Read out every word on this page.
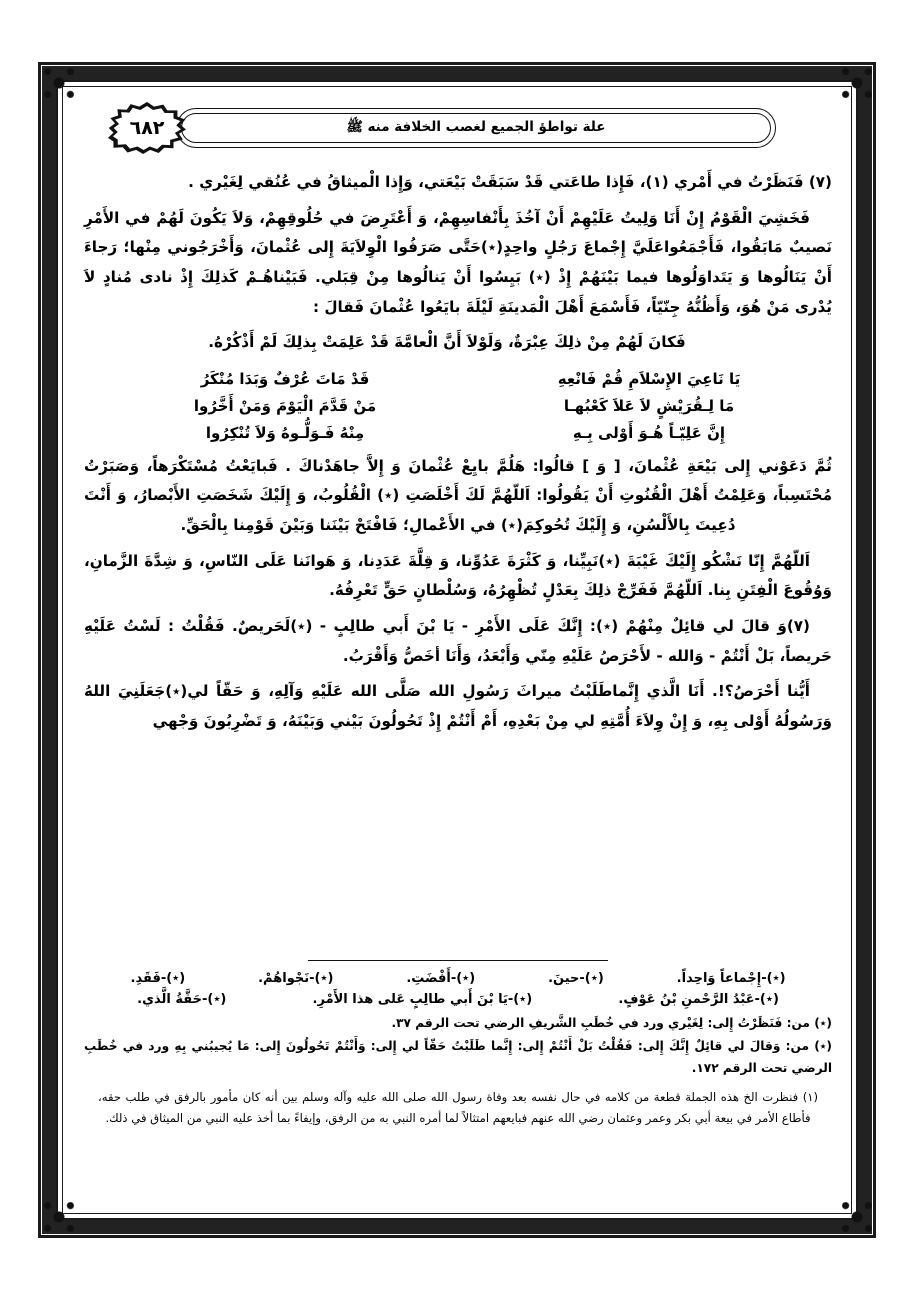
علة تواطؤ الجميع لغصب الخلافة منه ﷺ
٦٨٢

(٧) فَنَظَرْتُ في أَمْري (١)، فَإِذا طاعَتي قَدْ سَبَقَتْ بَيْعَتي، وَإِذا الْميثاقُ في عُنُقي لِغَيْري .

فَخَشِيَ الْقَوْمُ إِنْ أَنَا وَلِيتُ عَلَيْهِمْ أَنْ آخُذَ بِأَنْفاسِهِمْ، وَ أَعْتَرِضَ في حُلُوقِهِمْ، وَلاَ يَكُونَ لَهُمْ في الأَمْرِ نَصيبٌ مَابَقُوا، فَأَجْمَعُواعَلَيَّ إِجْماعَ رَجُلٍ واحِدٍ(٭)حَتَّى صَرَفُوا الْوِلاَيَةَ إِلى عُثْمانَ، وَأَخْرَجُوني مِنْها؛ رَجاءَ أَنْ يَنَالُوها وَ يَتَداوَلُوها فيما بَيْنَهُمْ إِذْ (٭) بَيِسُوا أَنْ يَنالُوها مِنْ قِبَلي. فَبَيْناهُـمْ كَذلِكَ إِذْ نادى مُنادٍ لاَ يُدْرى مَنْ هُوَ، وَأَظُنُّهُ جِنّيّاً، فَأَسْمَعَ أَهْلَ الْمَدينَةِ لَيْلَةَ بايَعُوا عُثْمانَ فَقالَ :

فَكانَ لَهُمْ مِنْ ذلِكَ عِبْرَةٌ، وَلَوْلاَ أَنَّ الْعامَّةَ قَدْ عَلِمَتْ بِذلِكَ لَمْ أَذْكُرْهُ.

يَا نَاعِيَ الإِسْلاَمِ قُمْ فَانْعِهِ
قَدْ مَاتَ عُرْفٌ وَبَدَا مُنْكَرُ
مَا لِـقُرَيْشٍ لاَ عَلاَ كَعْبُهـا
مَنْ قَدَّمَ الْيَوْمَ وَمَنْ أَخَّرُوا
إِنَّ عَلِيّـاً هُـوَ أَوْلى بِـهِ
مِنْهُ فَـوَلُّـوهُ وَلاَ تُنْكِرُوا

ثُمَّ دَعَوْني إِلى بَيْعَةِ عُثْمانَ، [ وَ ] قالُوا: هَلُمَّ بايِعْ عُثْمانَ وَ إِلاَّ جاهَدْناكَ . فَبايَعْتُ مُسْتَكْرَهاً، وَصَبَرْتُ مُحْتَسِباً، وَعَلِمْتُ أَهْلَ الْقُنُوتِ أَنْ يَقُولُوا: اَللّهُمَّ لَكَ أَخْلَصَتِ (٭) الْقُلُوبُ، وَ إِلَيْكَ شَخَصَتِ الأَبْصارُ، وَ أَنْتَ دُعِيتَ بِالأَلْسُنِ، وَ إِلَيْكَ تُحُوكِمَ(٭) في الأَعْمالِ؛ فَافْتَحْ بَيْنَنا وَبَيْنَ قَوْمِنا بِالْحَقِّ.

اَللّهُمَّ إِنّا نَشْكُو إِلَيْكَ غَيْبَةَ (٭)نَبِيِّنا، وَ كَثْرَةَ عَدُوِّنا، وَ قِلَّةَ عَدَدِنا، وَ هَوانَنا عَلَى النّاسِ، وَ شِدَّةَ الزَّمانِ، وَوُقُوعَ الْفِتَنِ بِنا. اَللّهُمَّ فَفَرِّجْ ذلِكَ بِعَدْلٍ تُظْهِرُهُ، وَسُلْطانٍ حَقٍّ تَعْرِفُهُ.

(٧)وَ قالَ لي قائِلٌ مِنْهُمْ (٭): إِنَّكَ عَلَى الأَمْرِ - يَا بْنَ أَبي طالِبٍ - (٭)لَحَريصٌ. فَقُلْتُ : لَسْتُ عَلَيْهِ حَريصاً، بَلْ أَنْتُمْ - وَالله - لأَحْرَصُ عَلَيْهِ مِنّي وَأَبْعَدُ، وَأَنَا أخَصُّ وَأَقْرَبُ.

أَيُّنا أَحْرَصُ؟!. أَنَا الَّذي إِنَّماطَلَبْتُ ميراثَ رَسُولِ الله صَلَّى الله عَلَيْهِ وَآلِهِ، وَ حَقّاً لي(٭)جَعَلَنِيَ اللهُ وَرَسُولُهُ أَوْلى بِهِ، وَ إِنْ وِلاَءَ أُمَّتِهِ لي مِنْ بَعْدِهِ، أَمْ أَنْتُمْ إِذْ تَحُولُونَ بَيْني وَبَيْنَهُ، وَ تَضْرِبُونَ وَجْهي

(٭)-إِجْماعاً وَاحِداً.
(٭)-حينَ.
(٭)-أَفْضَتِ.
(٭)-نَجْواهُمْ.
(٭)-فَقَدِ.
(٭)-عَبْدُ الرَّحْمنِ بْنُ عَوْفٍ.
(٭)-يَا بْنَ أَبي طالِبٍ عَلى هذا الأَمْرِ.
(٭)-حَقَّةُ الَّذي.

(٭) من: فَنَظَرْتُ إِلى: لِغَيْري ورد في خُطَبِ الشَّريفِ الرضي تحت الرقم ٣٧.

(٭) من: وَقالَ لي قائِلٌ إِنَّكَ إِلى: فَقُلْتُ بَلْ أَنْتُمْ إِلى: إِنَّما طَلَبْتُ حَقّاً لي إِلى: وَأَنْتُمْ تَحُولُونَ إِلى: مَا يُجيبُني بِهِ ورد في خُطَبِ الرضي تحت الرقم ١٧٢.

(١) فنظرت الخ هذه الجملة قطعة من كلامه في حال نفسه بعد وفاة رسول الله صلى الله عليه وآله وسلم بين أنه كان مأمور بالرفق في طلب حقه، فأطاع الأمر في بيعة أبي بكر وعمر وعثمان رضي الله عنهم فبايعهم امتثالاً لما أمره النبي به من الرفق، وإيفاءً بما أخذ عليه النبي من الميثاق في ذلك.
